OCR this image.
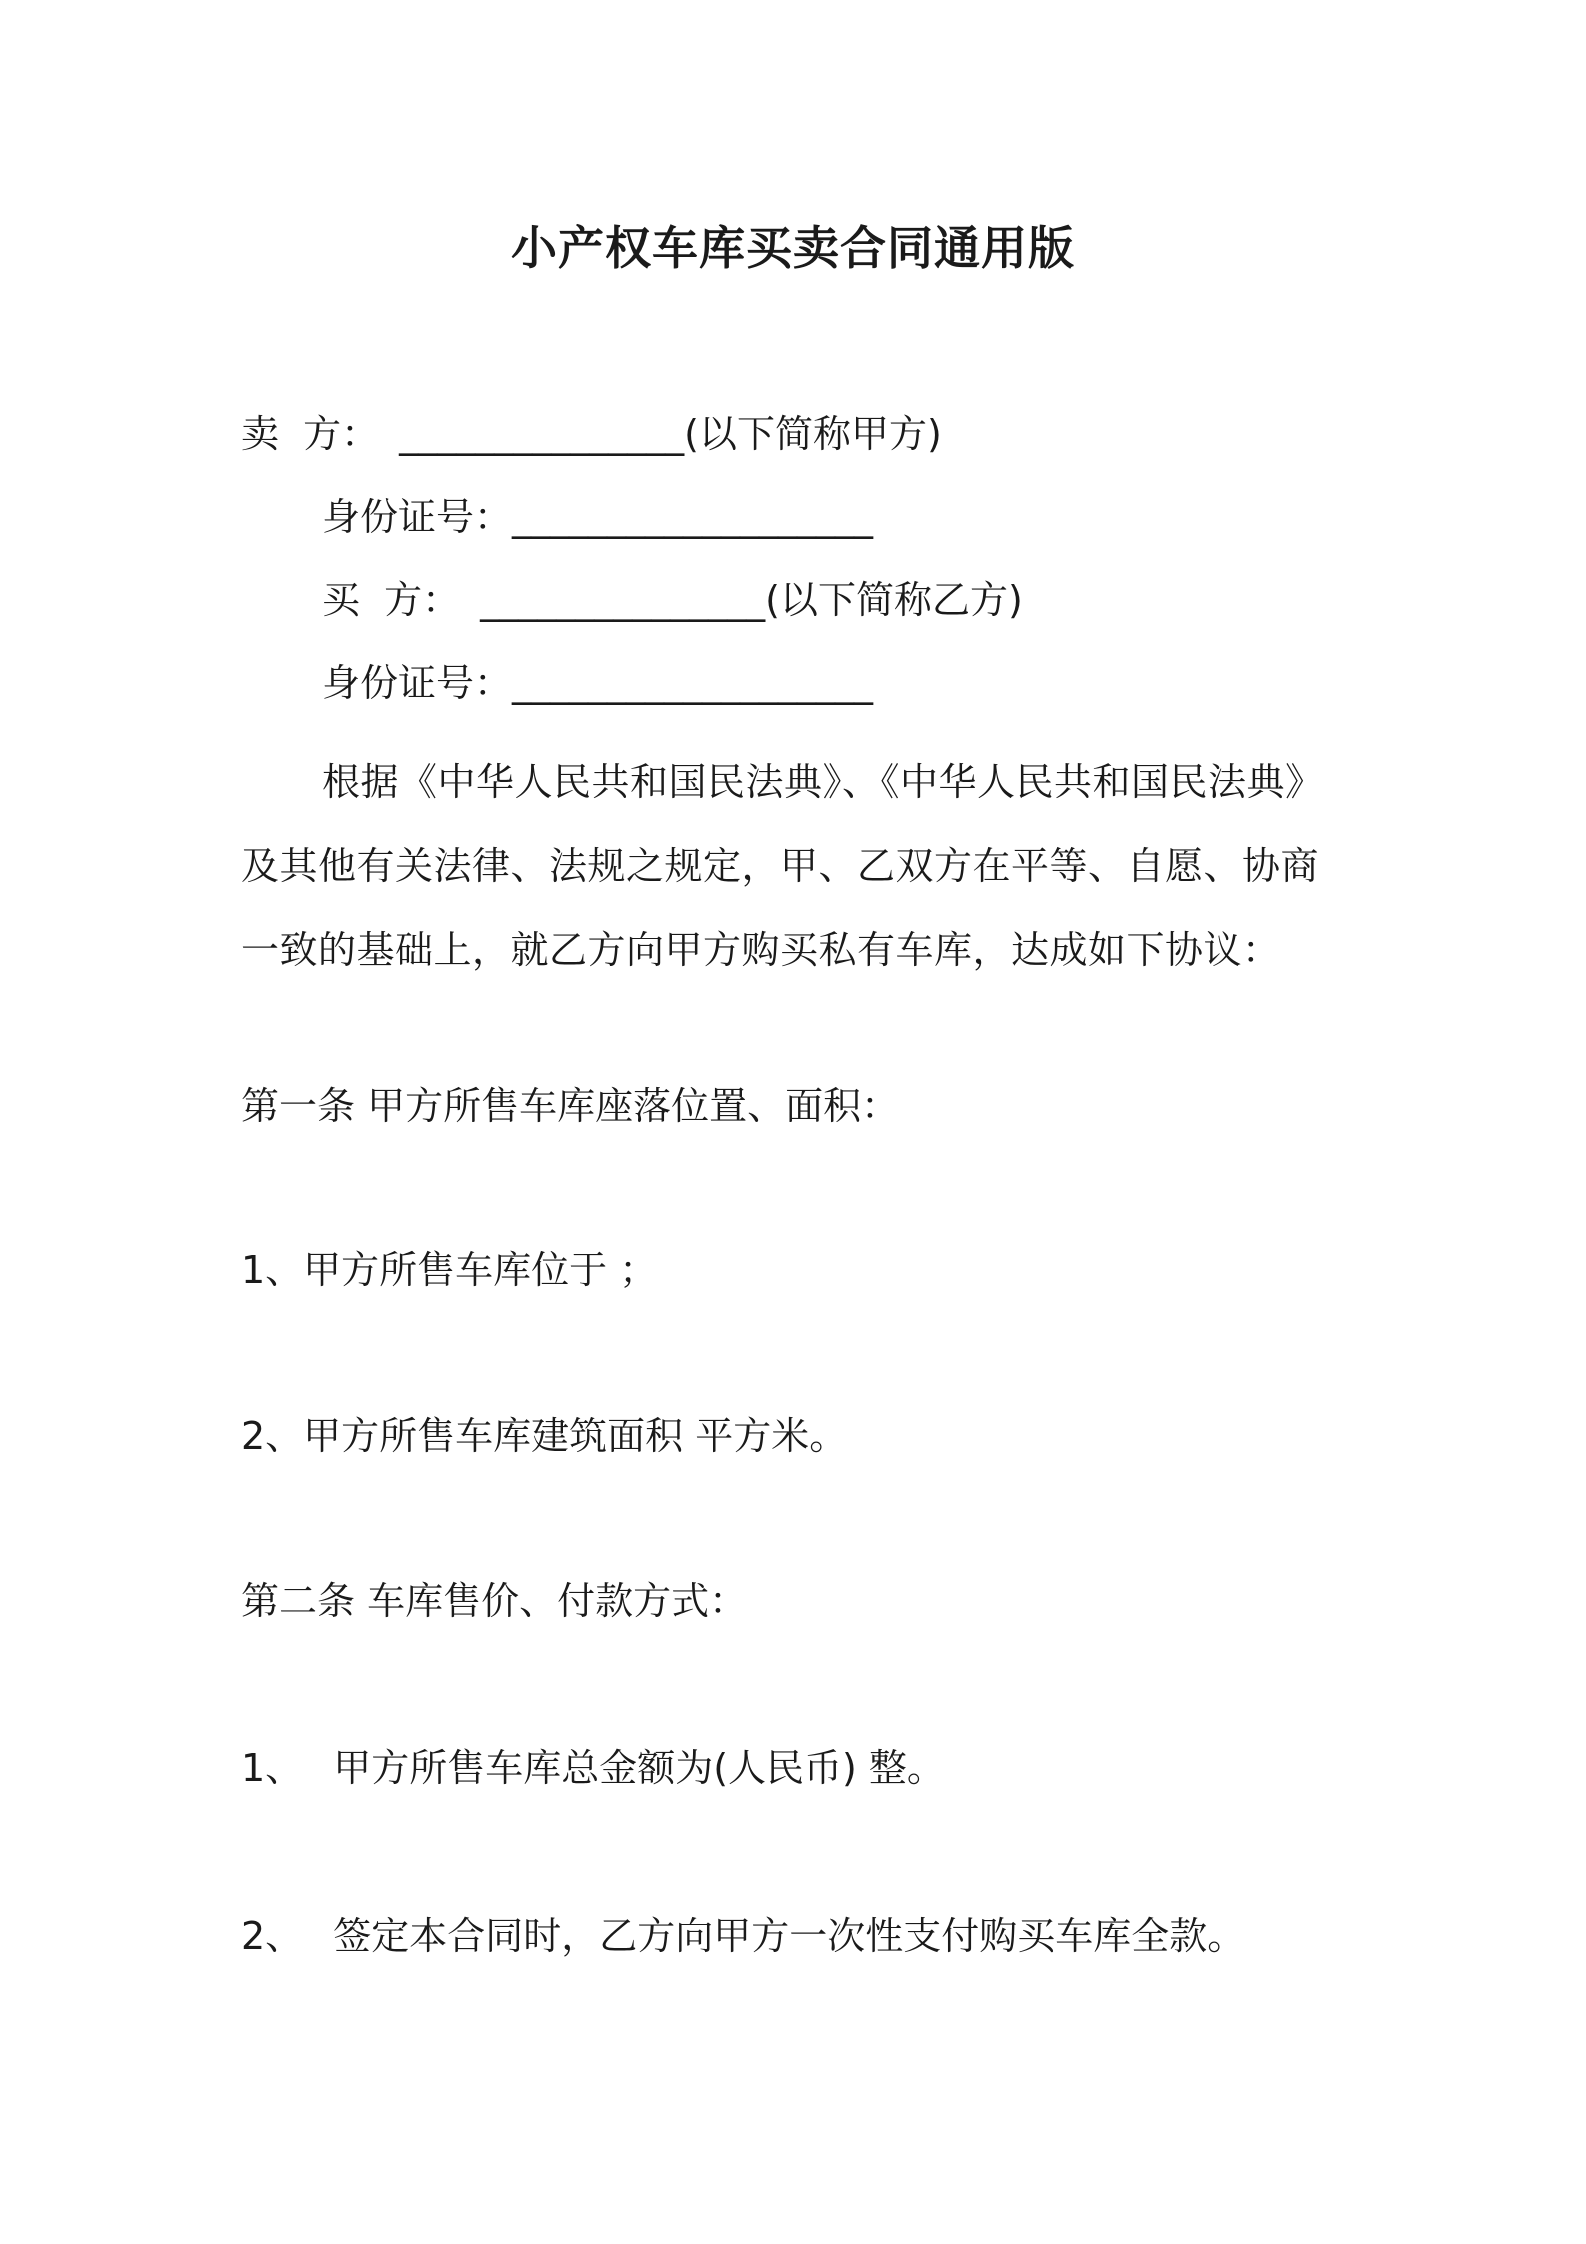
小产权车库买卖合同通用版
卖  方： _______________(以下简称甲方)
身份证号：___________________
买  方： _______________(以下简称乙方)
身份证号：___________________
根据《中华人民共和国民法典》、《中华人民共和国民法典》及其他有关法律、法规之规定，甲、乙双方在平等、自愿、协商一致的基础上，就乙方向甲方购买私有车库，达成如下协议：
第一条 甲方所售车库座落位置、面积：
1、甲方所售车库位于 ；
2、甲方所售车库建筑面积 平方米。
第二条 车库售价、付款方式：
1、 甲方所售车库总金额为(人民币) 整。
2、 签定本合同时，乙方向甲方一次性支付购买车库全款。
